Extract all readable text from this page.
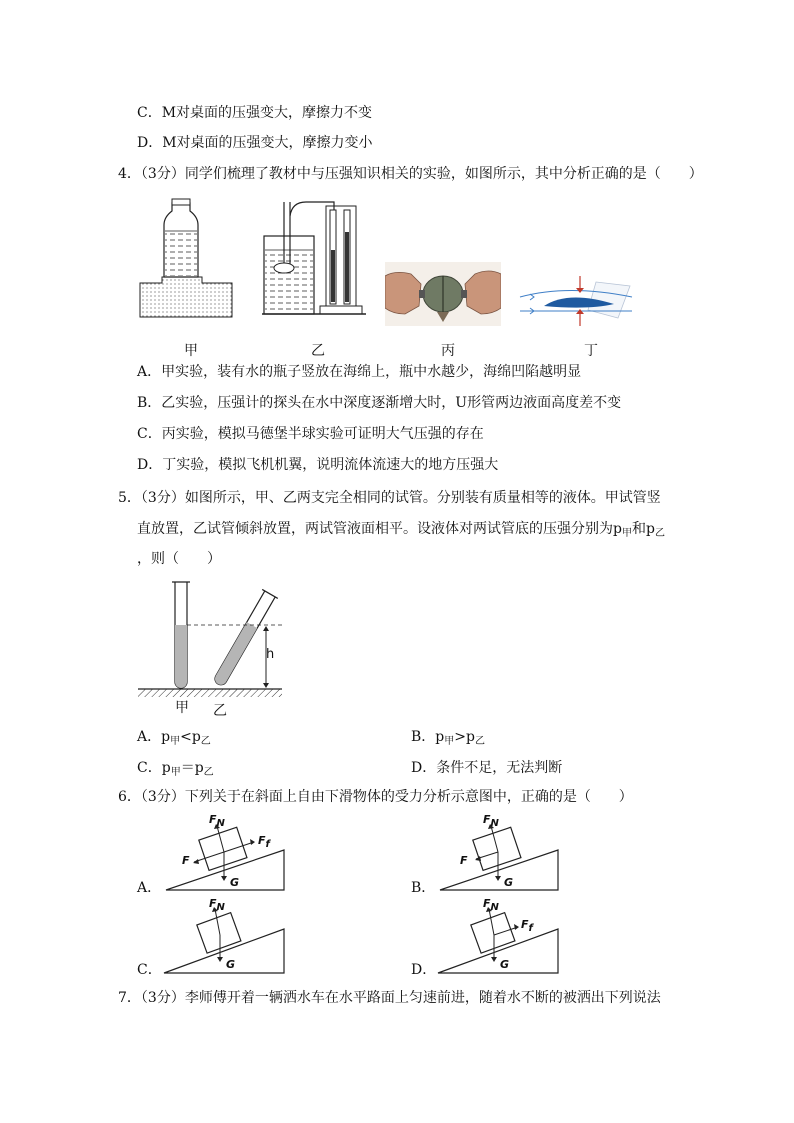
C．M对桌面的压强变大，摩擦力不变
D．M对桌面的压强变大，摩擦力变小
4．（3分）同学们梳理了教材中与压强知识相关的实验，如图所示，其中分析正确的是（　　）
甲	乙	丙	丁
A．甲实验，装有水的瓶子竖放在海绵上，瓶中水越少，海绵凹陷越明显
B．乙实验，压强计的探头在水中深度逐渐增大时，U形管两边液面高度差不变
C．丙实验，模拟马德堡半球实验可证明大气压强的存在
D．丁实验，模拟飞机机翼，说明流体流速大的地方压强大
5．（3分）如图所示，甲、乙两支完全相同的试管。分别装有质量相等的液体。甲试管竖
直放置，乙试管倾斜放置，两试管液面相平。设液体对两试管底的压强分别为$p_甲$和$p_乙$
，则（　　）
h
甲 乙
A．$p_甲<p_乙$	B．$p_甲>p_乙$
C．$p_甲=p_乙$	D．条件不足，无法判断
6．（3分）下列关于在斜面上自由下滑物体的受力分析示意图中，正确的是（　　）
A．
FN
Ff
F
G	B．
FN
F
G
C．
FN
G	D．
FN
Ff
G
7．（3分）李师傅开着一辆洒水车在水平路面上匀速前进，随着水不断的被洒出下列说法
